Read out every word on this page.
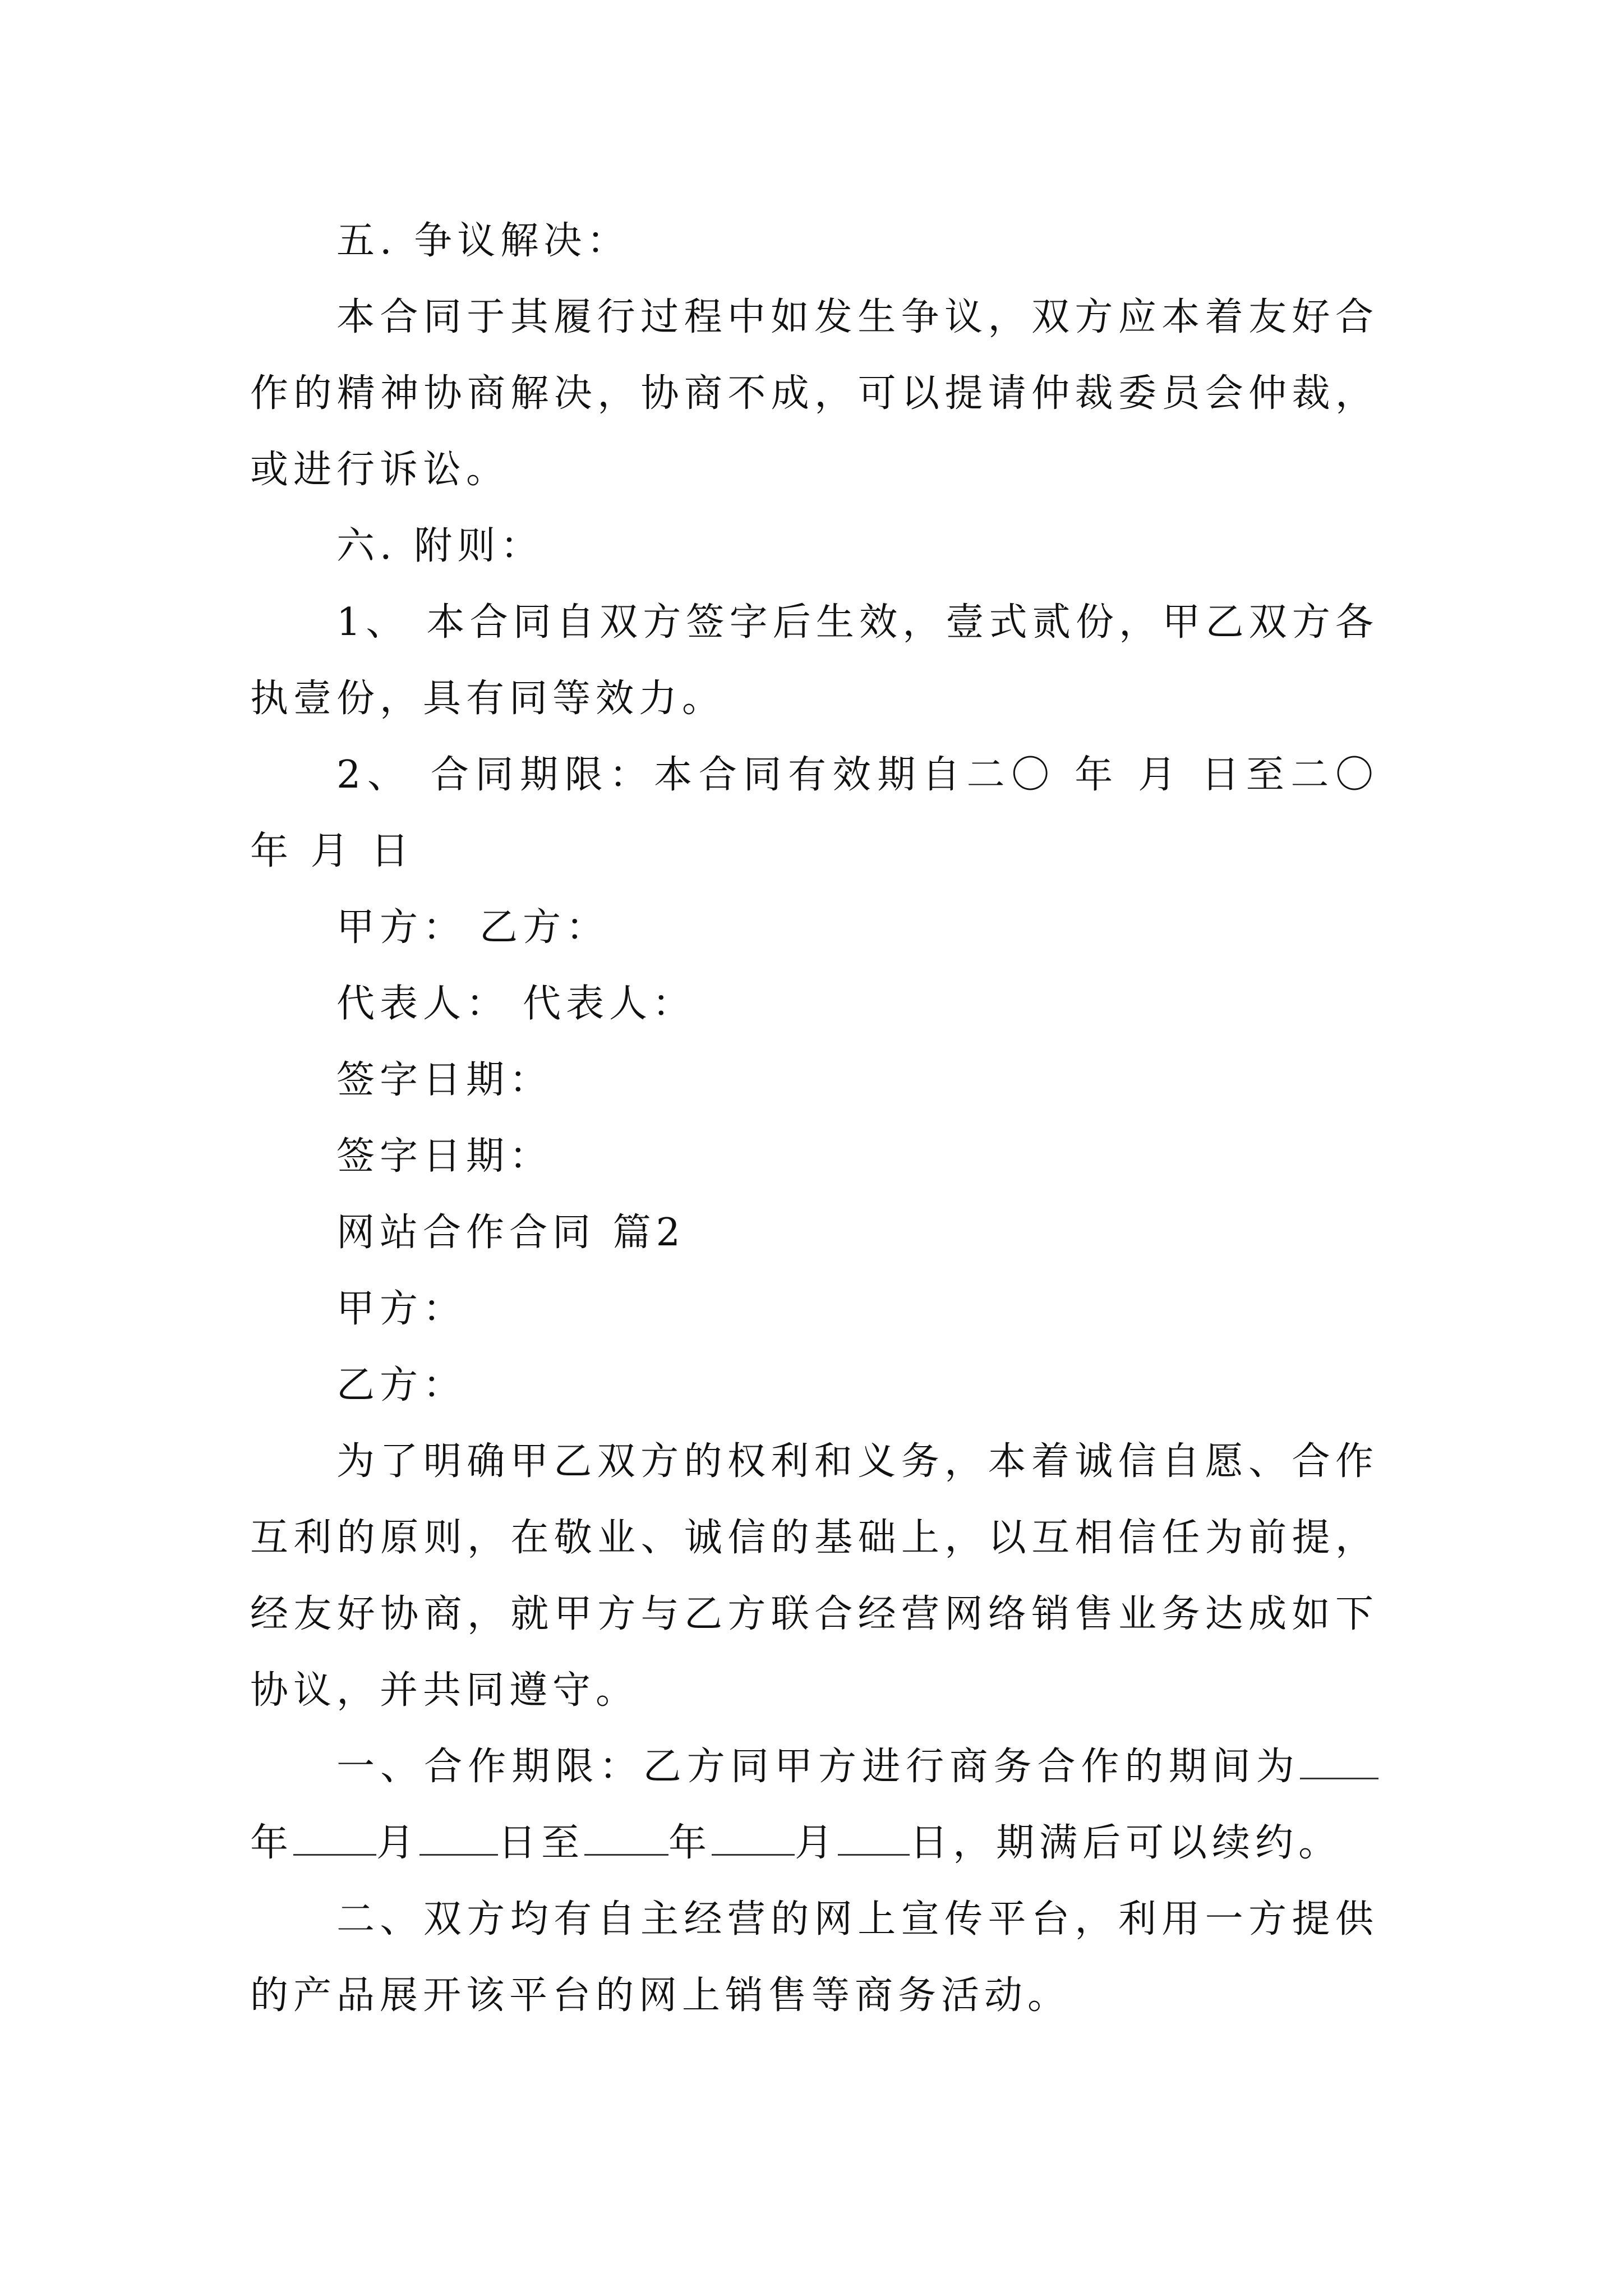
五. 争议解决：

本合同于其履行过程中如发生争议，双方应本着友好合作的精神协商解决，协商不成，可以提请仲裁委员会仲裁，或进行诉讼。

六. 附则：

1、 本合同自双方签字后生效，壹式贰份，甲乙双方各执壹份，具有同等效力。

2、 合同期限：本合同有效期自二〇 年 月 日至二〇 年 月 日

甲方： 乙方：

代表人： 代表人：

签字日期：

签字日期：

网站合作合同 篇2

甲方：

乙方：

为了明确甲乙双方的权利和义务，本着诚信自愿、合作互利的原则，在敬业、诚信的基础上，以互相信任为前提，经友好协商，就甲方与乙方联合经营网络销售业务达成如下协议，并共同遵守。

一、合作期限：乙方同甲方进行商务合作的期间为年 月 日至 年 月 日，期满后可以续约。

二、双方均有自主经营的网上宣传平台，利用一方提供的产品展开该平台的网上销售等商务活动。
